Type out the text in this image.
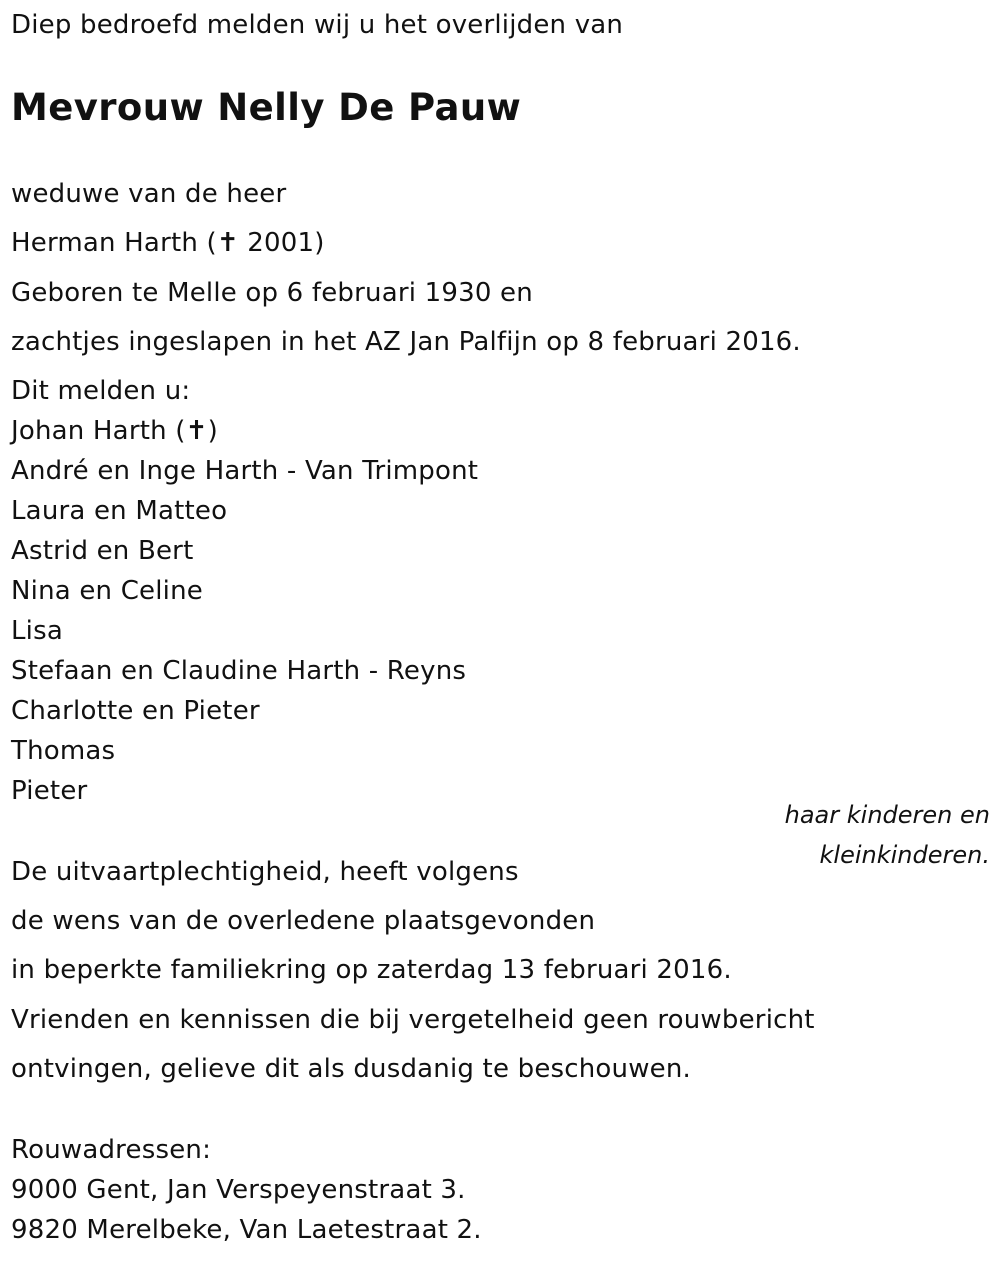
Diep bedroefd melden wij u het overlijden van
Mevrouw Nelly De Pauw
weduwe van de heer
Herman Harth (✝ 2001)
Geboren te Melle op 6 februari 1930 en
zachtjes ingeslapen in het AZ Jan Palfijn op 8 februari 2016.
Dit melden u:
Johan Harth (✝)
André en Inge Harth - Van Trimpont
Laura en Matteo
Astrid en Bert
Nina en Celine
Lisa
Stefaan en Claudine Harth - Reyns
Charlotte en Pieter
Thomas
Pieter
haar kinderen en
kleinkinderen.
De uitvaartplechtigheid, heeft volgens
de wens van de overledene plaatsgevonden
in beperkte familiekring op zaterdag 13 februari 2016.
Vrienden en kennissen die bij vergetelheid geen rouwbericht
ontvingen, gelieve dit als dusdanig te beschouwen.
Rouwadressen:
9000 Gent, Jan Verspeyenstraat 3.
9820 Merelbeke, Van Laetestraat 2.
